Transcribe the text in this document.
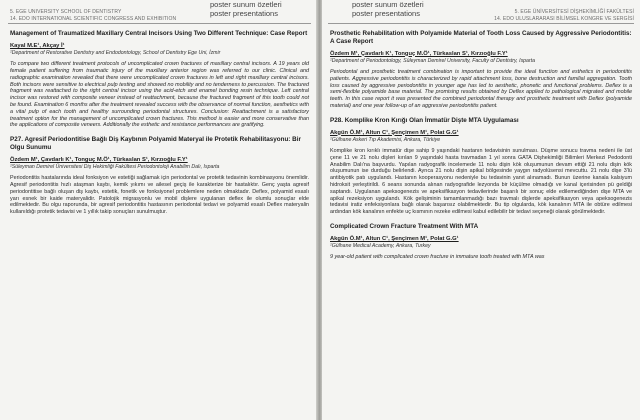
poster sunum özetleri
poster presentations
5. EGE UNIVERSITY SCHOOL OF DENTISTRY
14. EDO INTERNATIONAL SCIENTIFIC CONGRESS AND EXHIBITION

Management of Traumatized Maxillary Central Incisors Using Two Different Technique: Case Report

Kayal M.E¹, Akçay İ¹

¹Department of Restorative Dentistry and Endodontology, School of Dentistry Ege Uni, İzmir

To compare two different treatment protocols of uncomplicated crown fractures of maxillary central incisors. A 19 years old female patient suffering from traumatic injury of the maxillary anterior region was referred to our clinic. Clinical and radiographic examination revealed that there were uncomplicated crown fractures in left and right maxillary central incisors. Both incisors were sensitive to electrical pulp testing and showed no mobility and no tenderness to percussion. The fractured fragment was reattached to the right central incisor using the acid-etch and enamel bonding resin technique. Left central incisor was restored with composite veneer instead of reattachment, because the fractured fragment of this tooth could not be found. Examination 6 months after the treatment revealed success with the observance of normal function, aesthetics with a vital pulp of each tooth and healthy surrounding periodontal structures. Conclusion: Reattachment is a satisfactory treatment option for the management of uncomplicated crown fractures. This method is easier and more conservative than the applications of composite veneers. Additionally the esthetic and resistance performances are gratifying.

P27. Agresif Periodontitise Bağlı Diş Kaybının Polyamid Materyal ile Protetik Rehabilitasyonu: Bir Olgu Sunumu

Özdem M¹, Çavdarlı K¹, Tonguç M.Ö¹, Türkaslan S¹, Kırzıoğlu F.Y¹

¹Süleyman Demirel Üniversitesi Diş Hekimliği Fakültesi Periodontoloji Anabilim Dalı, Isparta

Periodontitis hastalarında ideal fonksiyon ve estetiği sağlamak için periodontal ve protetik tedavinin kombinasyonu önemlidir. Agresif periodontitis hızlı ataşman kaybı, kemik yıkımı ve ailesel geçiş ile karakterize bir hastalıktır. Genç yaşta agresif periodontitise bağlı oluşan diş kaybı, estetik, fonetik ve fonksiyonel problemlere neden olmaktadır. Deflex, polyamid esaslı yarı esnek bir kaide materyalidir. Patolojik migrasyonlu ve mobil dişlere uygulanan deflex ile olumlu sonuçlar elde edilmektedir. Bu olgu raporunda, bir agresif periodontitis hastasının periodontal tedavi ve polyamid esaslı Deflex materyalin kullanıldığı protetik tedavisi ve 1 yıllık takip sonuçları sunulmuştur.

poster sunum özetleri
poster presentations	5. EGE ÜNİVERSİTESİ DİŞHEKİMLİĞİ FAKÜLTESİ
14. EDO ULUSLARARASI BİLİMSEL KONGRE VE SERGİSİ

Prosthetic Rehabilitation with Polyamide Material of Tooth Loss Caused by Aggressive Periodontitis: A Case Report

Özdem M¹, Çavdarlı K¹, Tonguç M.Ö¹, Türkaslan S¹, Kırzıoğlu F.Y¹

¹Department of Periodontology, Süleyman Demirel University, Faculty of Dentistry, Isparta

Periodontal and prosthetic treatment combination is important to provide the ideal function and esthetics in periodontitis patients. Aggressive periodontitis is characterized by rapid attachment loss, bone destruction and familial aggregation. Tooth loss caused by aggressive periodontitis in younger age has led to aesthetic, phonetic and functional problems. Deflex is a semi-flexible polyamide base material. The promising results obtained by Deflex applied to pathological migrated and mobile teeth. In this case report it was presented the combined periodontal therapy and prosthetic treatment with Deflex (polyamide material) and one year follow-up of an aggressive periodontitis patient.

P28. Komplike Kron Kırığı Olan İmmatür Dişte MTA Uygulaması

Akgün Ö.M¹, Altun C¹, Şençimen M¹, Polat G.G¹

¹Gülhane Askeri Tıp Akademisi, Ankara, Türkiye

Komplike kron kırıklı immatür dişe sahip 9 yaşındaki hastanın tedavisinin sunulması. Düşme sonucu travma nedeni ile üst çene 11 ve 21 nolu dişleri kırılan 9 yaşındaki hasta travmadan 1 yıl sonra GATA Dişhekimliği Bilimleri Merkezi Pedodonti Anabilim Dalı'na başvurdu. Yapılan radyografik incelemede 11 nolu dişin kök oluşumunun devam ettiği 21 nolu dişin kök oluşumunun ise durduğu belirlendi. Ayrıca 21 nolu dişin apikal bölgesinde yaygın radyolüsensi mevcuttu. 21 nolu dişe 3'lü antibiyotik patı uygulandı. Hastanın kooperasyonu nedeniyle bu tedavinin yanıt alınamadı. Bunun üzerine kanala kalsiyum hidroksit yerleştirildi. 6 seans sonunda alınan radyografide lezyonda bir küçülme olmadığı ve kanal içerisinden pü geldiği saptandı. Uygulanan apeksogenezis ve apeksifikasyon tedavilerinde başarılı bir sonuç elde edilemediğinden dişe MTA ve apikal rezeksiyon uygulandı. Kök gelişiminin tamamlanmadığı bazı travmalı dişlerde apeksifikasyon veya apeksogenezis tedavisi iratiz enfeksiyonlara bağlı olarak başarısız olabilmektedir. Bu tip olgularda, kök kanalının MTA ile obtüre edilmesi ardından kök kanalının enfekte uç kısmının rezeke edilmesi kabul edilebilir bir tedavi seçeneği olarak görülmektedir.

Complicated Crown Fracture Treatment With MTA

Akgün Ö.M¹, Altun C¹, Şençimen M¹, Polat G.G¹

¹Gülhane Medical Academy, Ankara, Turkey

9 year-old patient with complicated crown fracture in immature tooth treated with MTA was
